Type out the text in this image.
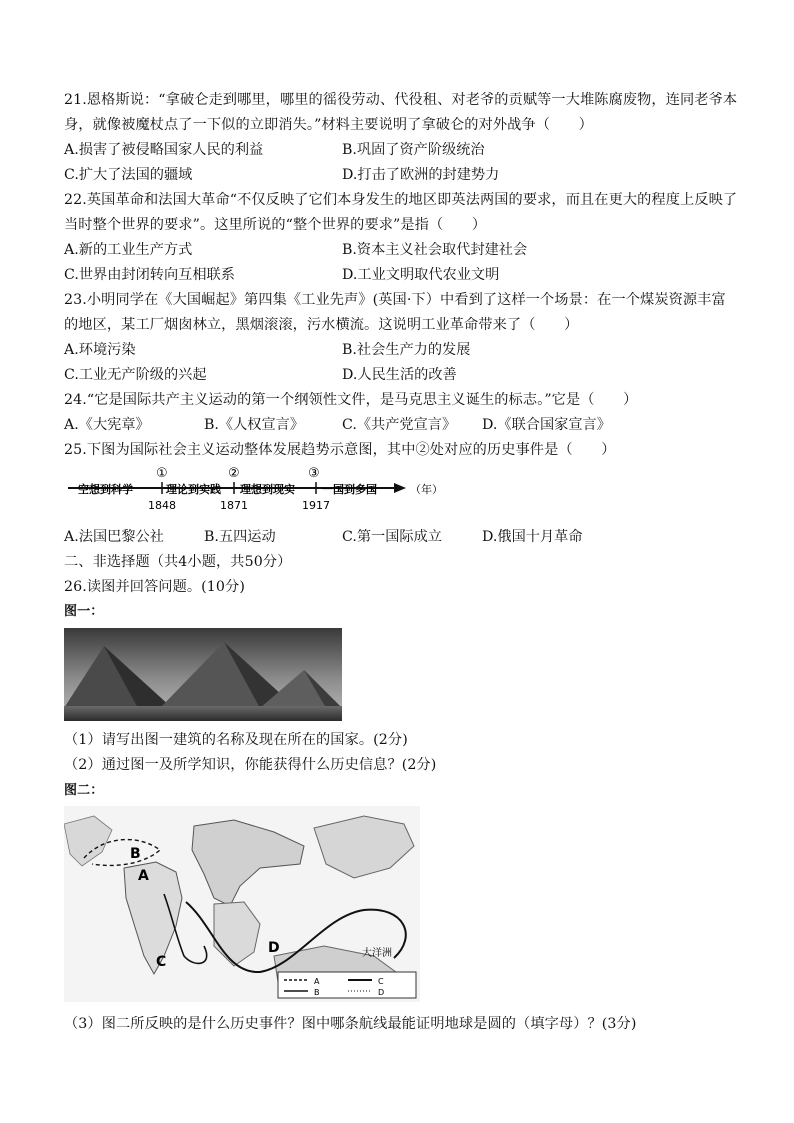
21.恩格斯说：“拿破仑走到哪里，哪里的徭役劳动、代役租、对老爷的贡赋等一大堆陈腐废物，连同老爷本
身，就像被魔杖点了一下似的立即消失。”材料主要说明了拿破仑的对外战争（　　）
A.损害了被侵略国家人民的利益	B.巩固了资产阶级统治
C.扩大了法国的疆域	D.打击了欧洲的封建势力
22.英国革命和法国大革命“不仅反映了它们本身发生的地区即英法两国的要求，而且在更大的程度上反映了
当时整个世界的要求”。这里所说的“整个世界的要求”是指（　　）
A.新的工业生产方式	B.资本主义社会取代封建社会
C.世界由封闭转向互相联系	D.工业文明取代农业文明
23.小明同学在《大国崛起》第四集《工业先声》(英国·下）中看到了这样一个场景：在一个煤炭资源丰富
的地区，某工厂烟囱林立，黑烟滚滚，污水横流。这说明工业革命带来了（　　）
A.环境污染	B.社会生产力的发展
C.工业无产阶级的兴起	D.人民生活的改善
24.“它是国际共产主义运动的第一个纲领性文件，是马克思主义诞生的标志。”它是（　　）
A.《大宪章》	B.《人权宣言》	C.《共产党宣言》 D.《联合国家宣言》
25.下图为国际社会主义运动整体发展趋势示意图，其中②处对应的历史事件是（　　）
①	②	③
空想到科学	理论到实践 理想到现实 一国到多国	（年）
1848	1871	1917
A.法国巴黎公社	B.五四运动	C.第一国际成立	D.俄国十月革命
二、非选择题（共4小题，共50分）
26.读图并回答问题。(10分)
图一：
（1）请写出图一建筑的名称及现在所在的国家。(2分)
（2）通过图一及所学知识，你能获得什么历史信息？(2分)
图二：
A
B
C
D	大洋洲
A
B
C
D
（3）图二所反映的是什么历史事件？图中哪条航线最能证明地球是圆的（填字母）？(3分)
